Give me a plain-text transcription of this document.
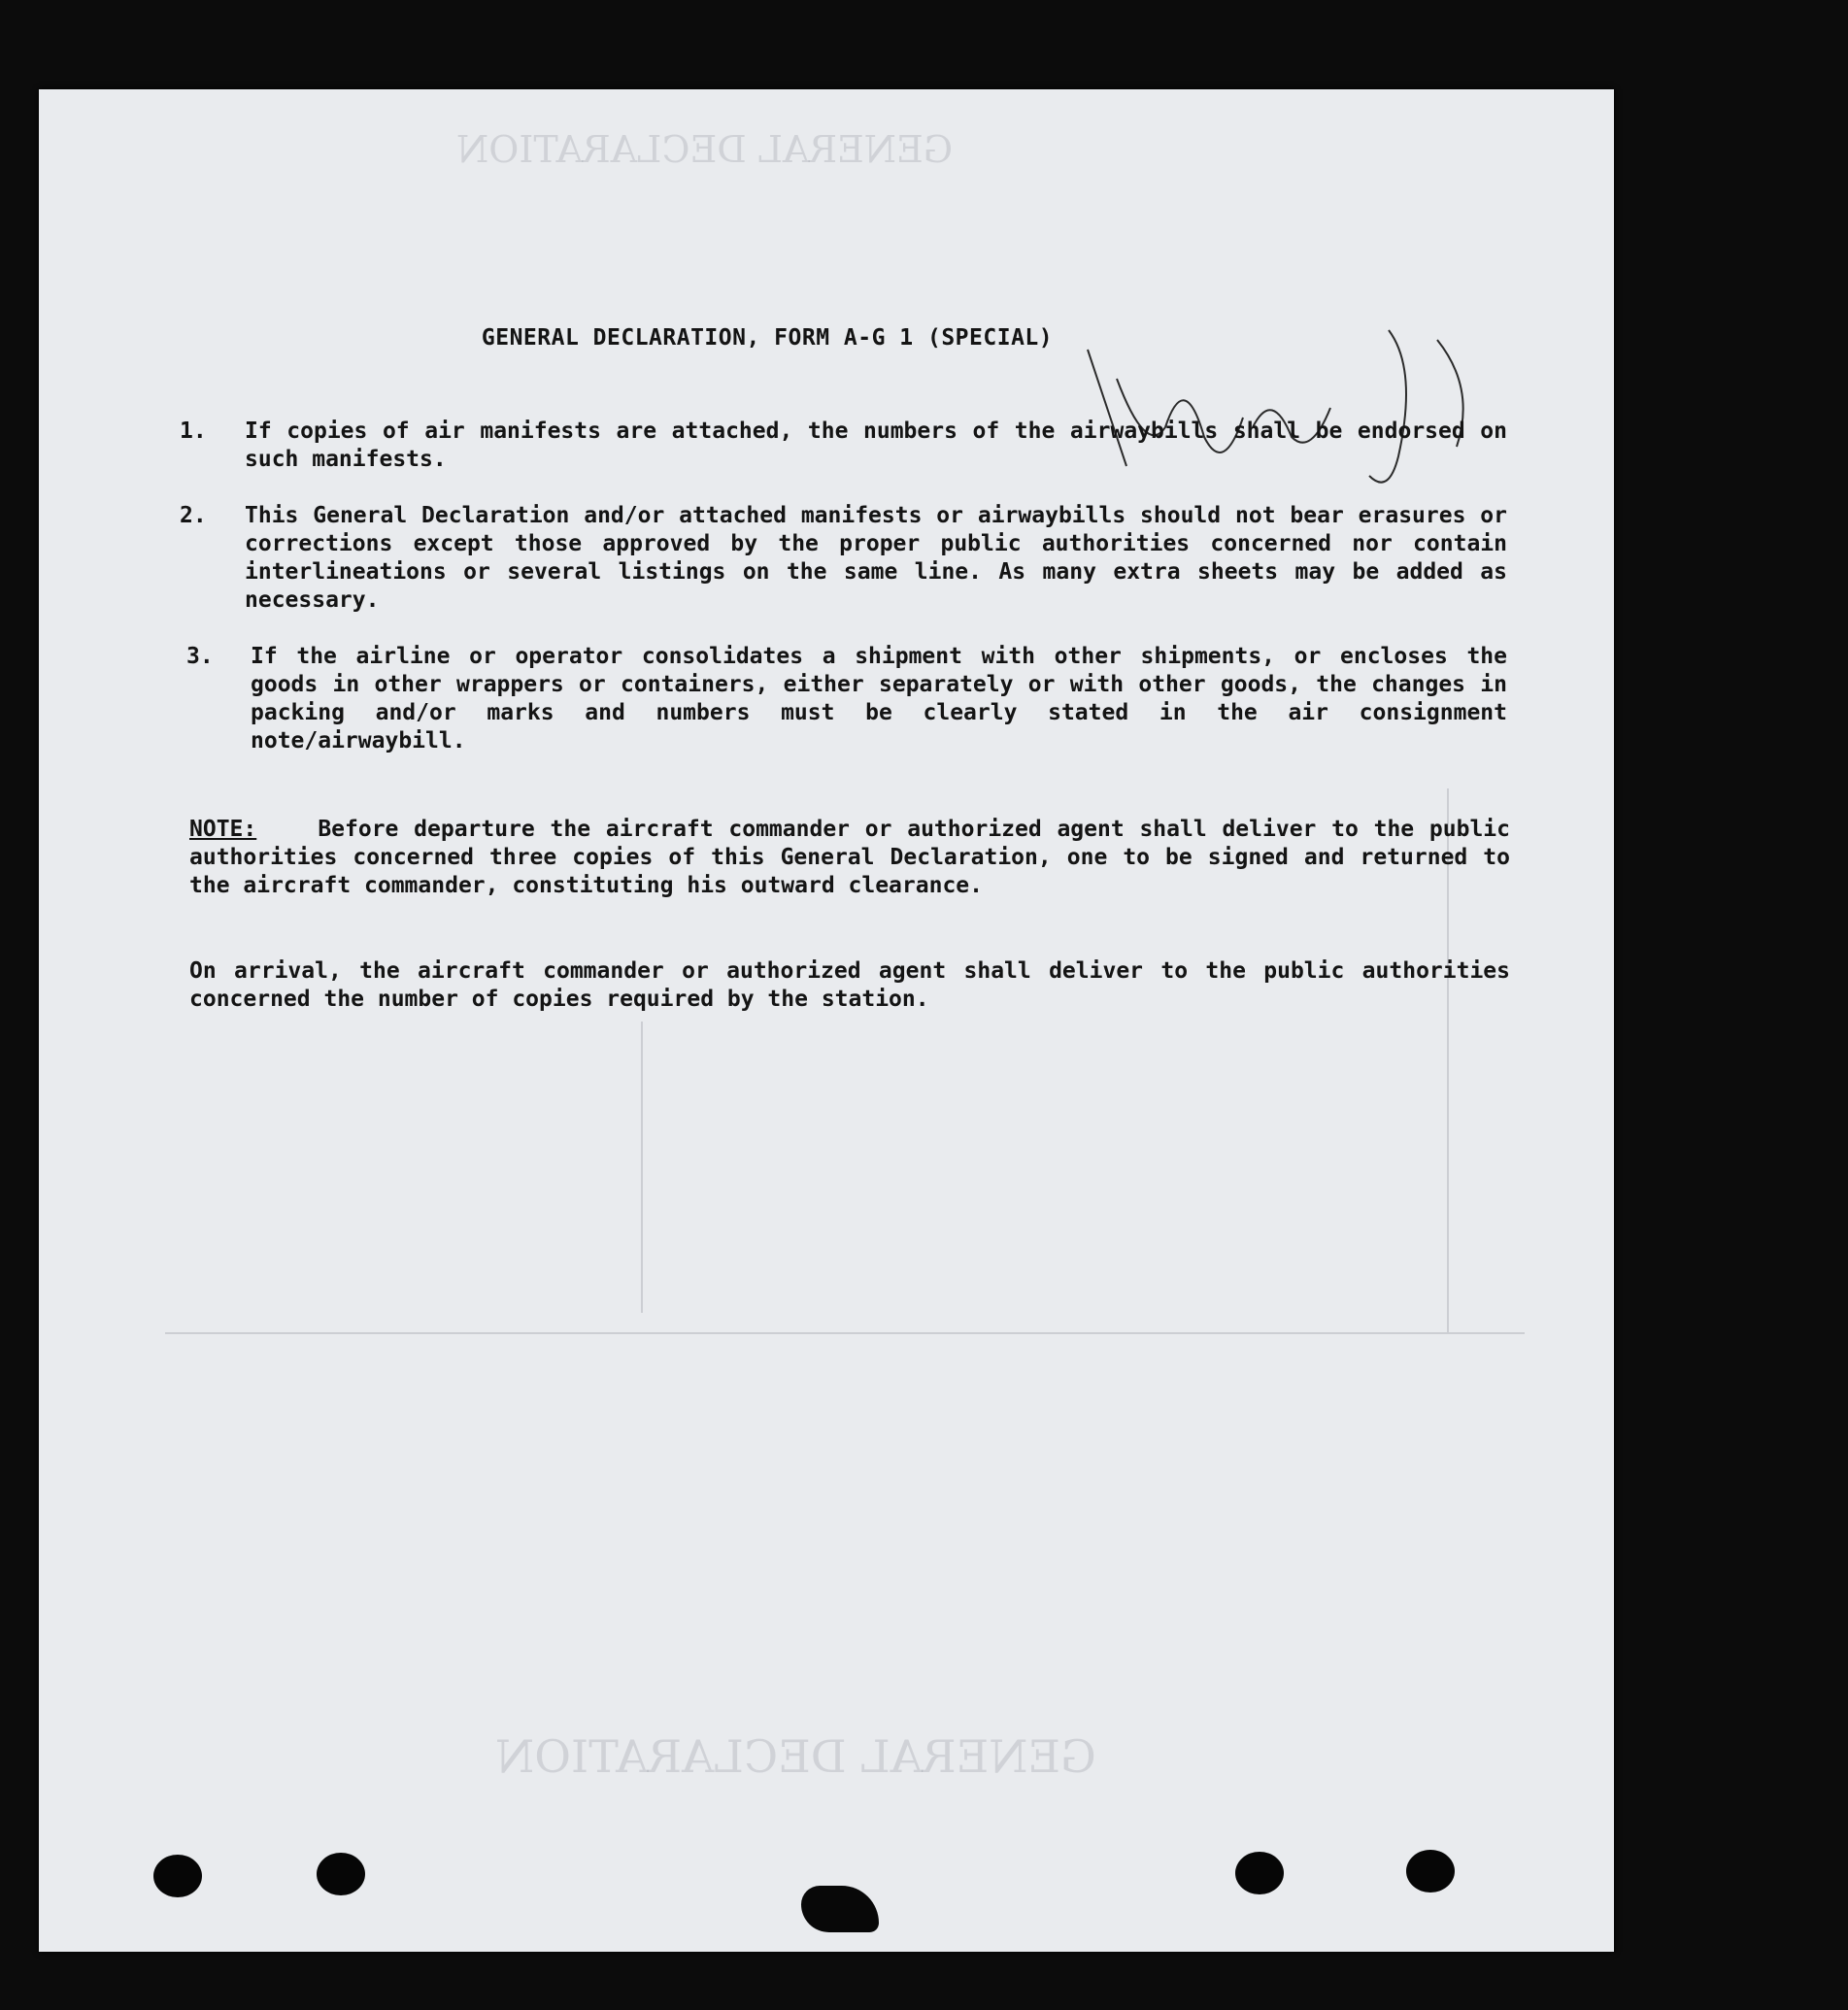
GENERAL DECLARATION
GENERAL DECLARATION
GENERAL DECLARATION, FORM A-G 1 (SPECIAL)
1. If copies of air manifests are attached, the numbers of the airwaybills shall be endorsed on such manifests.
2. This General Declaration and/or attached manifests or airwaybills should not bear erasures or corrections except those approved by the proper public authorities concerned nor contain interlineations or several listings on the same line. As many extra sheets may be added as necessary.
3. If the airline or operator consolidates a shipment with other shipments, or encloses the goods in other wrappers or containers, either separately or with other goods, the changes in packing and/or marks and numbers must be clearly stated in the air consignment note/airwaybill.
NOTE:	Before departure the aircraft commander or authorized agent shall deliver to the public authorities concerned three copies of this General Declaration, one to be signed and returned to the aircraft commander, constituting his outward clearance.
On arrival, the aircraft commander or authorized agent shall deliver to the public authorities concerned the number of copies required by the station.
